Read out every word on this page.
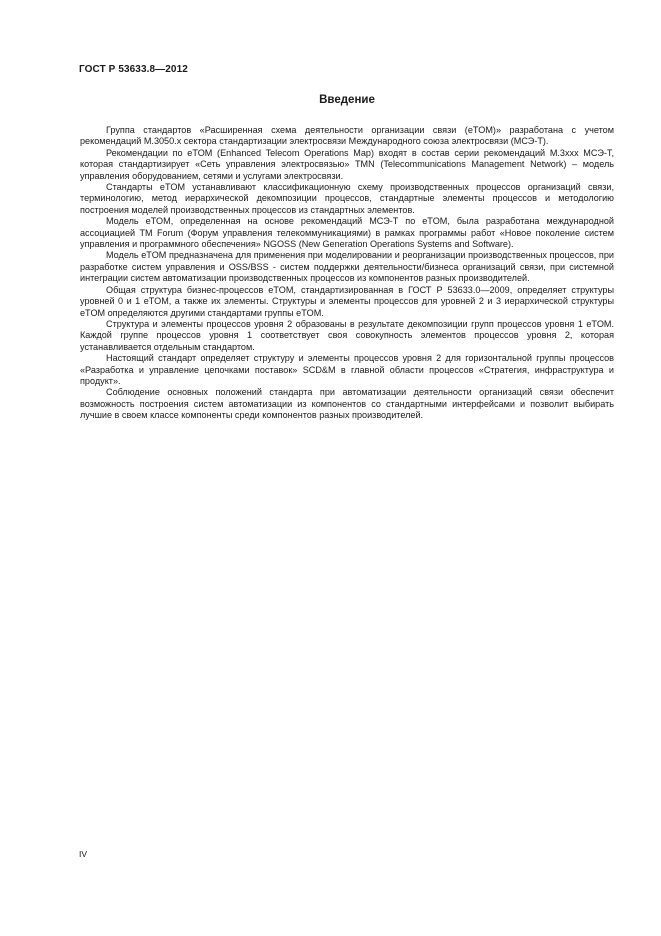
ГОСТ Р 53633.8—2012
Введение

Группа стандартов «Расширенная схема деятельности организации связи (eTOM)» разработана с учетом рекомендаций М.3050.x сектора стандартизации электросвязи Международного союза электросвязи (МСЭ-Т).

Рекомендации по eTOM (Enhanced Telecom Operations Map) входят в состав серии рекомендаций М.3xxx МСЭ-Т, которая стандартизирует «Сеть управления электросвязью» TMN (Telecommunications Management Network) – модель управления оборудованием, сетями и услугами электросвязи.

Стандарты eTOM устанавливают классификационную схему производственных процессов организаций связи, терминологию, метод иерархической декомпозиции процессов, стандартные элементы процессов и методологию построения моделей производственных процессов из стандартных элементов.

Модель eTOM, определенная на основе рекомендаций МСЭ-Т по eTOM, была разработана международной ассоциацией TM Forum (Форум управления телекоммуникациями) в рамках программы работ «Новое поколение систем управления и программного обеспечения» NGOSS (New Generation Operations Systems and Software).

Модель eTOM предназначена для применения при моделировании и реорганизации производственных процессов, при разработке систем управления и OSS/BSS - систем поддержки деятельности/бизнеса организаций связи, при системной интеграции систем автоматизации производственных процессов из компонентов разных производителей.

Общая структура бизнес-процессов eTOM, стандартизированная в ГОСТ Р 53633.0—2009, определяет структуры уровней 0 и 1 eTOM, а также их элементы. Структуры и элементы процессов для уровней 2 и 3 иерархической структуры eTOM определяются другими стандартами группы eTOM.

Структура и элементы процессов уровня 2 образованы в результате декомпозиции групп процессов уровня 1 eTOM. Каждой группе процессов уровня 1 соответствует своя совокупность элементов процессов уровня 2, которая устанавливается отдельным стандартом.

Настоящий стандарт определяет структуру и элементы процессов уровня 2 для горизонтальной группы процессов «Разработка и управление цепочками поставок» SCD&M в главной области процессов «Стратегия, инфраструктура и продукт».

Соблюдение основных положений стандарта при автоматизации деятельности организаций связи обеспечит возможность построения систем автоматизации из компонентов со стандартными интерфейсами и позволит выбирать лучшие в своем классе компоненты среди компонентов разных производителей.

IV
